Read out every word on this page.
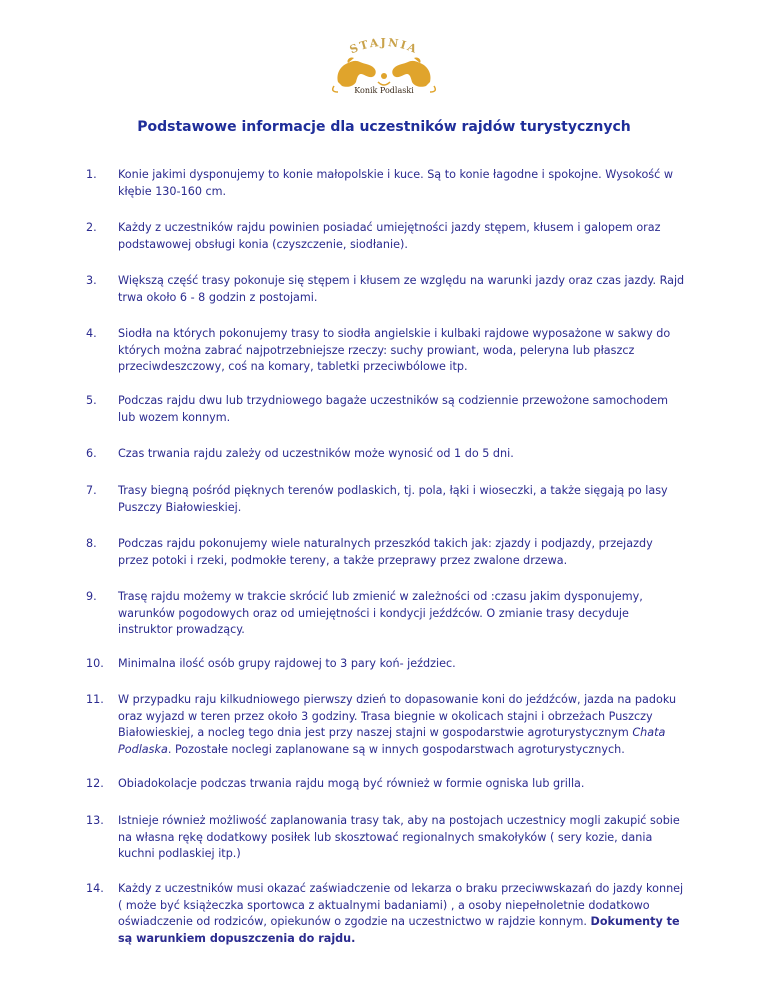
STAJNIA
Konik Podlaski
Podstawowe informacje dla uczestników rajdów turystycznych
1.	Konie jakimi dysponujemy to konie małopolskie i kuce. Są to konie łagodne i spokojne. Wysokość w kłębie 130-160 cm.
2.	Każdy z uczestników rajdu powinien posiadać umiejętności jazdy stępem, kłusem i galopem oraz podstawowej obsługi konia (czyszczenie, siodłanie).
3.	Większą część trasy pokonuje się stępem i kłusem ze względu na warunki jazdy oraz czas jazdy. Rajd trwa około 6 - 8 godzin z postojami.
4.	Siodła na których pokonujemy trasy to siodła angielskie i kulbaki rajdowe wyposażone w sakwy do których można zabrać najpotrzebniejsze rzeczy: suchy prowiant, woda, peleryna lub płaszcz przeciwdeszczowy, coś na komary, tabletki przeciwbólowe itp.
5.	Podczas rajdu dwu lub trzydniowego bagaże uczestników są codziennie przewożone samochodem lub wozem konnym.
6.	Czas trwania rajdu zależy od uczestników może wynosić od 1 do 5 dni.
7.	Trasy biegną pośród pięknych terenów podlaskich, tj. pola, łąki i wioseczki, a także sięgają po lasy Puszczy Białowieskiej.
8.	Podczas rajdu pokonujemy wiele naturalnych przeszkód takich jak: zjazdy i podjazdy, przejazdy przez potoki i rzeki, podmokłe tereny, a także przeprawy przez zwalone drzewa.
9.	Trasę rajdu możemy w trakcie skrócić lub zmienić w zależności od :czasu jakim dysponujemy, warunków pogodowych oraz od umiejętności i kondycji jeźdźców. O zmianie trasy decyduje instruktor prowadzący.
10.	Minimalna ilość osób grupy rajdowej to 3 pary koń- jeździec.
11.	W przypadku raju kilkudniowego pierwszy dzień to dopasowanie koni do jeźdźców, jazda na padoku oraz wyjazd w teren przez około 3 godziny. Trasa biegnie w okolicach stajni i obrzeżach Puszczy Białowieskiej, a nocleg tego dnia jest przy naszej stajni w gospodarstwie agroturystycznym Chata Podlaska. Pozostałe noclegi zaplanowane są w innych gospodarstwach agroturystycznych.
12.	Obiadokolacje podczas trwania rajdu mogą być również w formie ogniska lub grilla.
13.	Istnieje również możliwość zaplanowania trasy tak, aby na postojach uczestnicy mogli zakupić sobie na własna rękę dodatkowy posiłek lub skosztować regionalnych smakołyków ( sery kozie, dania kuchni podlaskiej itp.)
14.	Każdy z uczestników musi okazać zaświadczenie od lekarza o braku przeciwwskazań do jazdy konnej ( może być książeczka sportowca z aktualnymi badaniami) , a osoby niepełnoletnie dodatkowo oświadczenie od rodziców, opiekunów o zgodzie na uczestnictwo w rajdzie konnym. Dokumenty te są warunkiem dopuszczenia do rajdu.
